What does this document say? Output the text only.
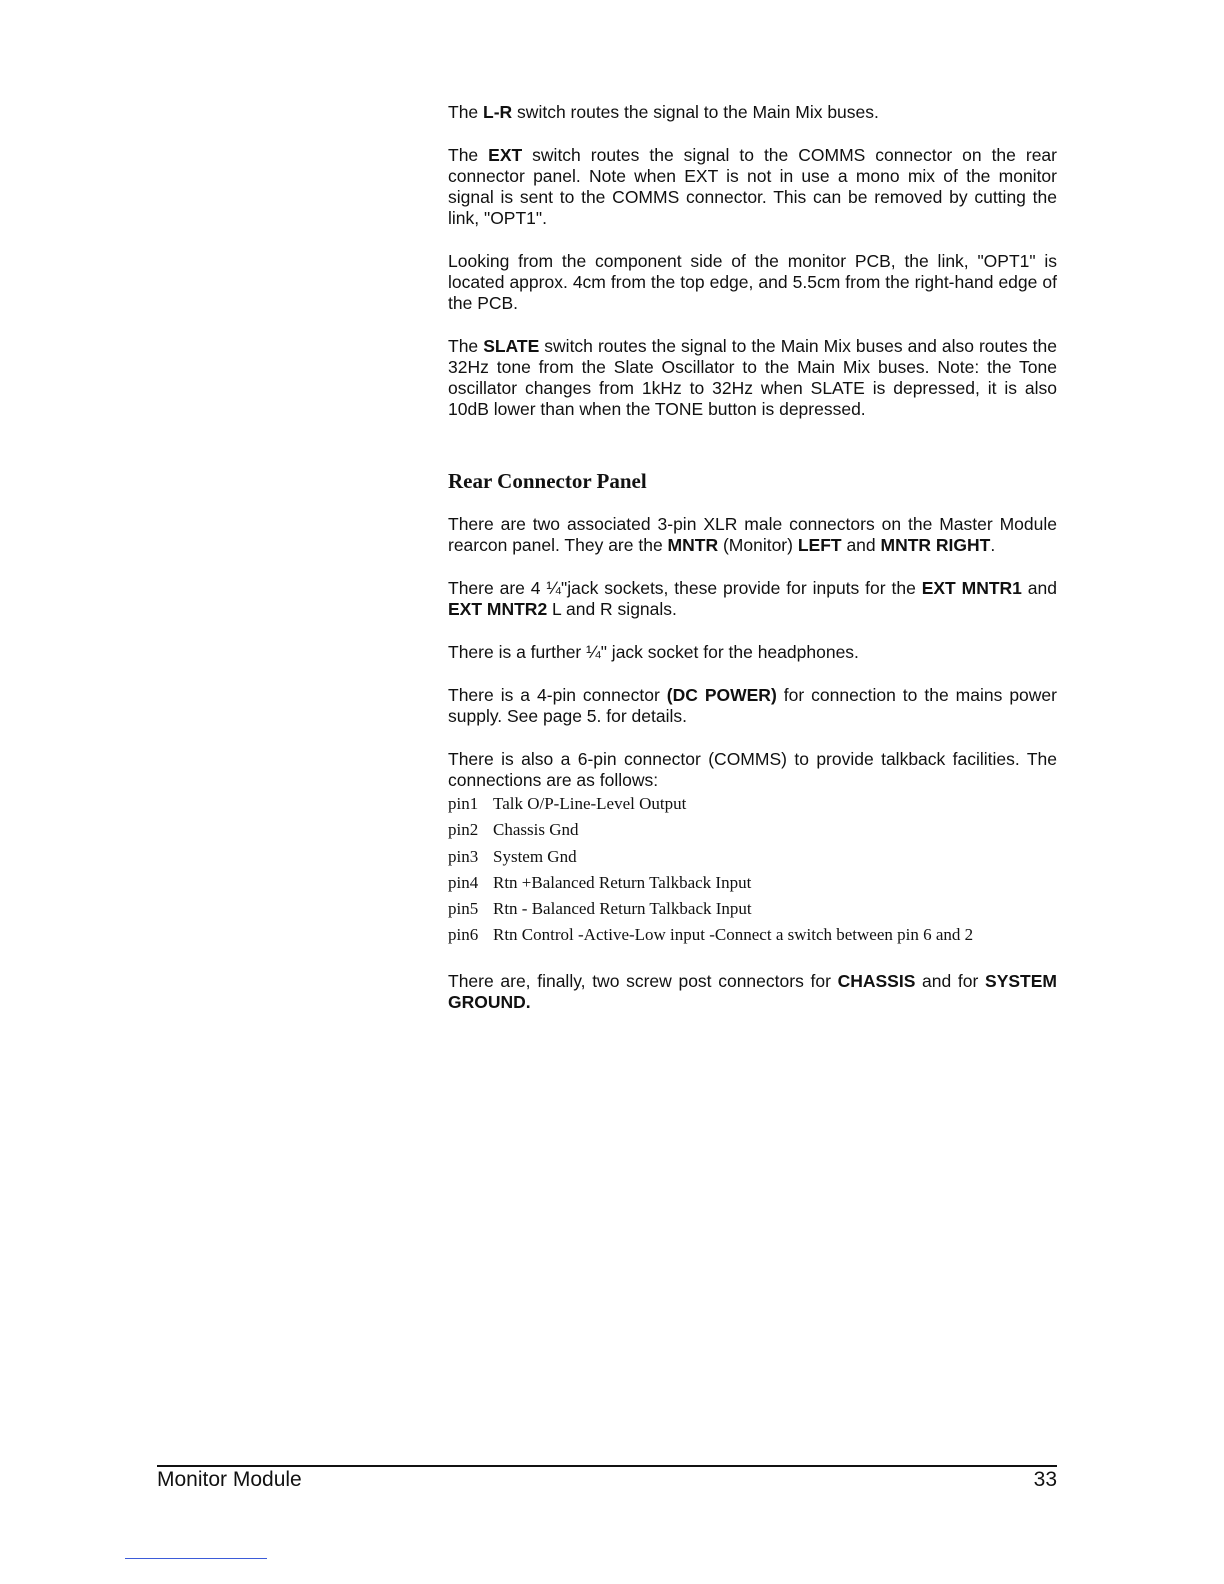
The L-R switch routes the signal to the Main Mix buses.

The EXT switch routes the signal to the COMMS connector on the rear connector panel. Note when EXT is not in use a mono mix of the monitor signal is sent to the COMMS connector. This can be removed by cutting the link, "OPT1".

Looking from the component side of the monitor PCB, the link, "OPT1" is located approx. 4cm from the top edge, and 5.5cm from the right-hand edge of the PCB.

The SLATE switch routes the signal to the Main Mix buses and also routes the 32Hz tone from the Slate Oscillator to the Main Mix buses. Note: the Tone oscillator changes from 1kHz to 32Hz when SLATE is depressed, it is also 10dB lower than when the TONE button is depressed.

Rear Connector Panel

There are two associated 3-pin XLR male connectors on the Master Module rearcon panel. They are the MNTR (Monitor) LEFT and MNTR RIGHT.

There are 4 ¼"jack sockets, these provide for inputs for the EXT MNTR1 and EXT MNTR2 L and R signals.

There is a further ¼" jack socket for the headphones.

There is a 4-pin connector (DC POWER) for connection to the mains power supply. See page 5. for details.

There is also a 6-pin connector (COMMS) to provide talkback facilities. The connections are as follows:

pin1 Talk O/P-Line-Level Output
pin2 Chassis Gnd
pin3 System Gnd
pin4 Rtn +Balanced Return Talkback Input
pin5 Rtn - Balanced Return Talkback Input
pin6 Rtn Control -Active-Low input -Connect a switch between pin 6 and 2

There are, finally, two screw post connectors for CHASSIS and for SYSTEM GROUND.

Monitor Module	33
